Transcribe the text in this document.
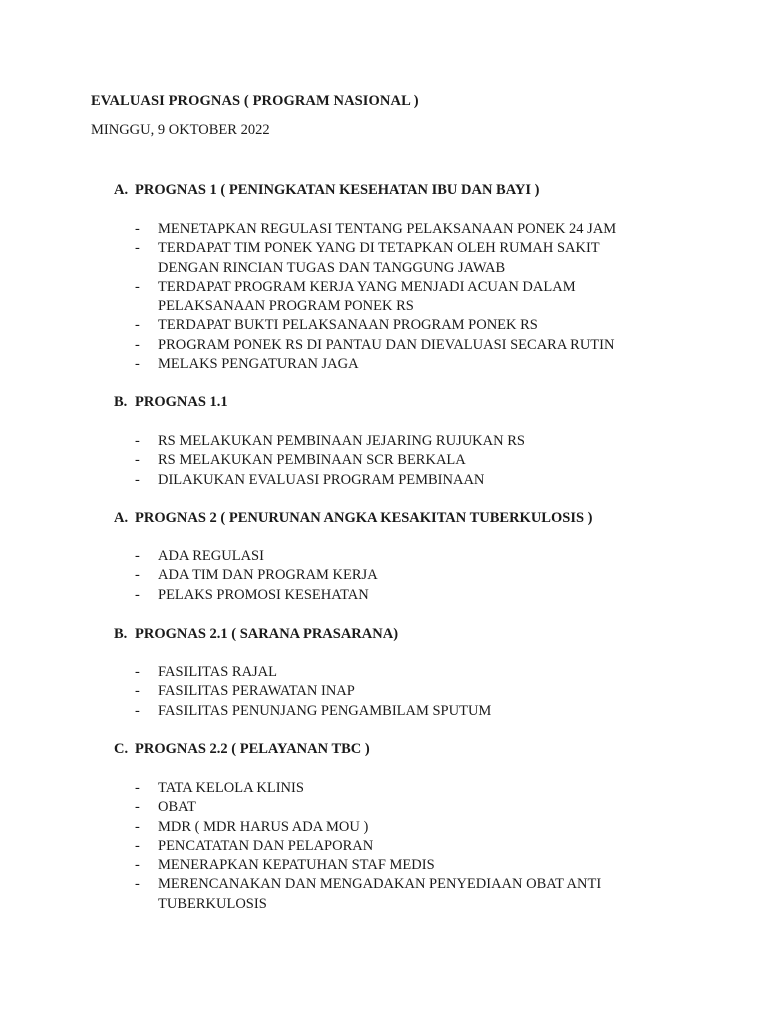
EVALUASI PROGNAS ( PROGRAM NASIONAL )
MINGGU, 9 OKTOBER 2022
A. PROGNAS 1 ( PENINGKATAN KESEHATAN IBU DAN BAYI )
- MENETAPKAN REGULASI TENTANG PELAKSANAAN PONEK 24 JAM
- TERDAPAT TIM PONEK YANG DI TETAPKAN OLEH RUMAH SAKIT DENGAN RINCIAN TUGAS DAN TANGGUNG JAWAB
- TERDAPAT PROGRAM KERJA YANG MENJADI ACUAN DALAM PELAKSANAAN PROGRAM PONEK RS
- TERDAPAT BUKTI PELAKSANAAN PROGRAM PONEK RS
- PROGRAM PONEK RS DI PANTAU DAN DIEVALUASI SECARA RUTIN
- MELAKS PENGATURAN JAGA
B. PROGNAS 1.1
- RS MELAKUKAN PEMBINAAN JEJARING RUJUKAN RS
- RS MELAKUKAN PEMBINAAN SCR BERKALA
- DILAKUKAN EVALUASI PROGRAM PEMBINAAN
A. PROGNAS 2 ( PENURUNAN ANGKA KESAKITAN TUBERKULOSIS )
- ADA REGULASI
- ADA TIM DAN PROGRAM KERJA
- PELAKS PROMOSI KESEHATAN
B. PROGNAS 2.1 ( SARANA PRASARANA)
- FASILITAS RAJAL
- FASILITAS PERAWATAN INAP
- FASILITAS PENUNJANG PENGAMBILAM SPUTUM
C. PROGNAS 2.2 ( PELAYANAN TBC )
- TATA KELOLA KLINIS
- OBAT
- MDR ( MDR HARUS ADA MOU )
- PENCATATAN DAN PELAPORAN
- MENERAPKAN KEPATUHAN STAF MEDIS
- MERENCANAKAN DAN MENGADAKAN PENYEDIAAN OBAT ANTI TUBERKULOSIS
